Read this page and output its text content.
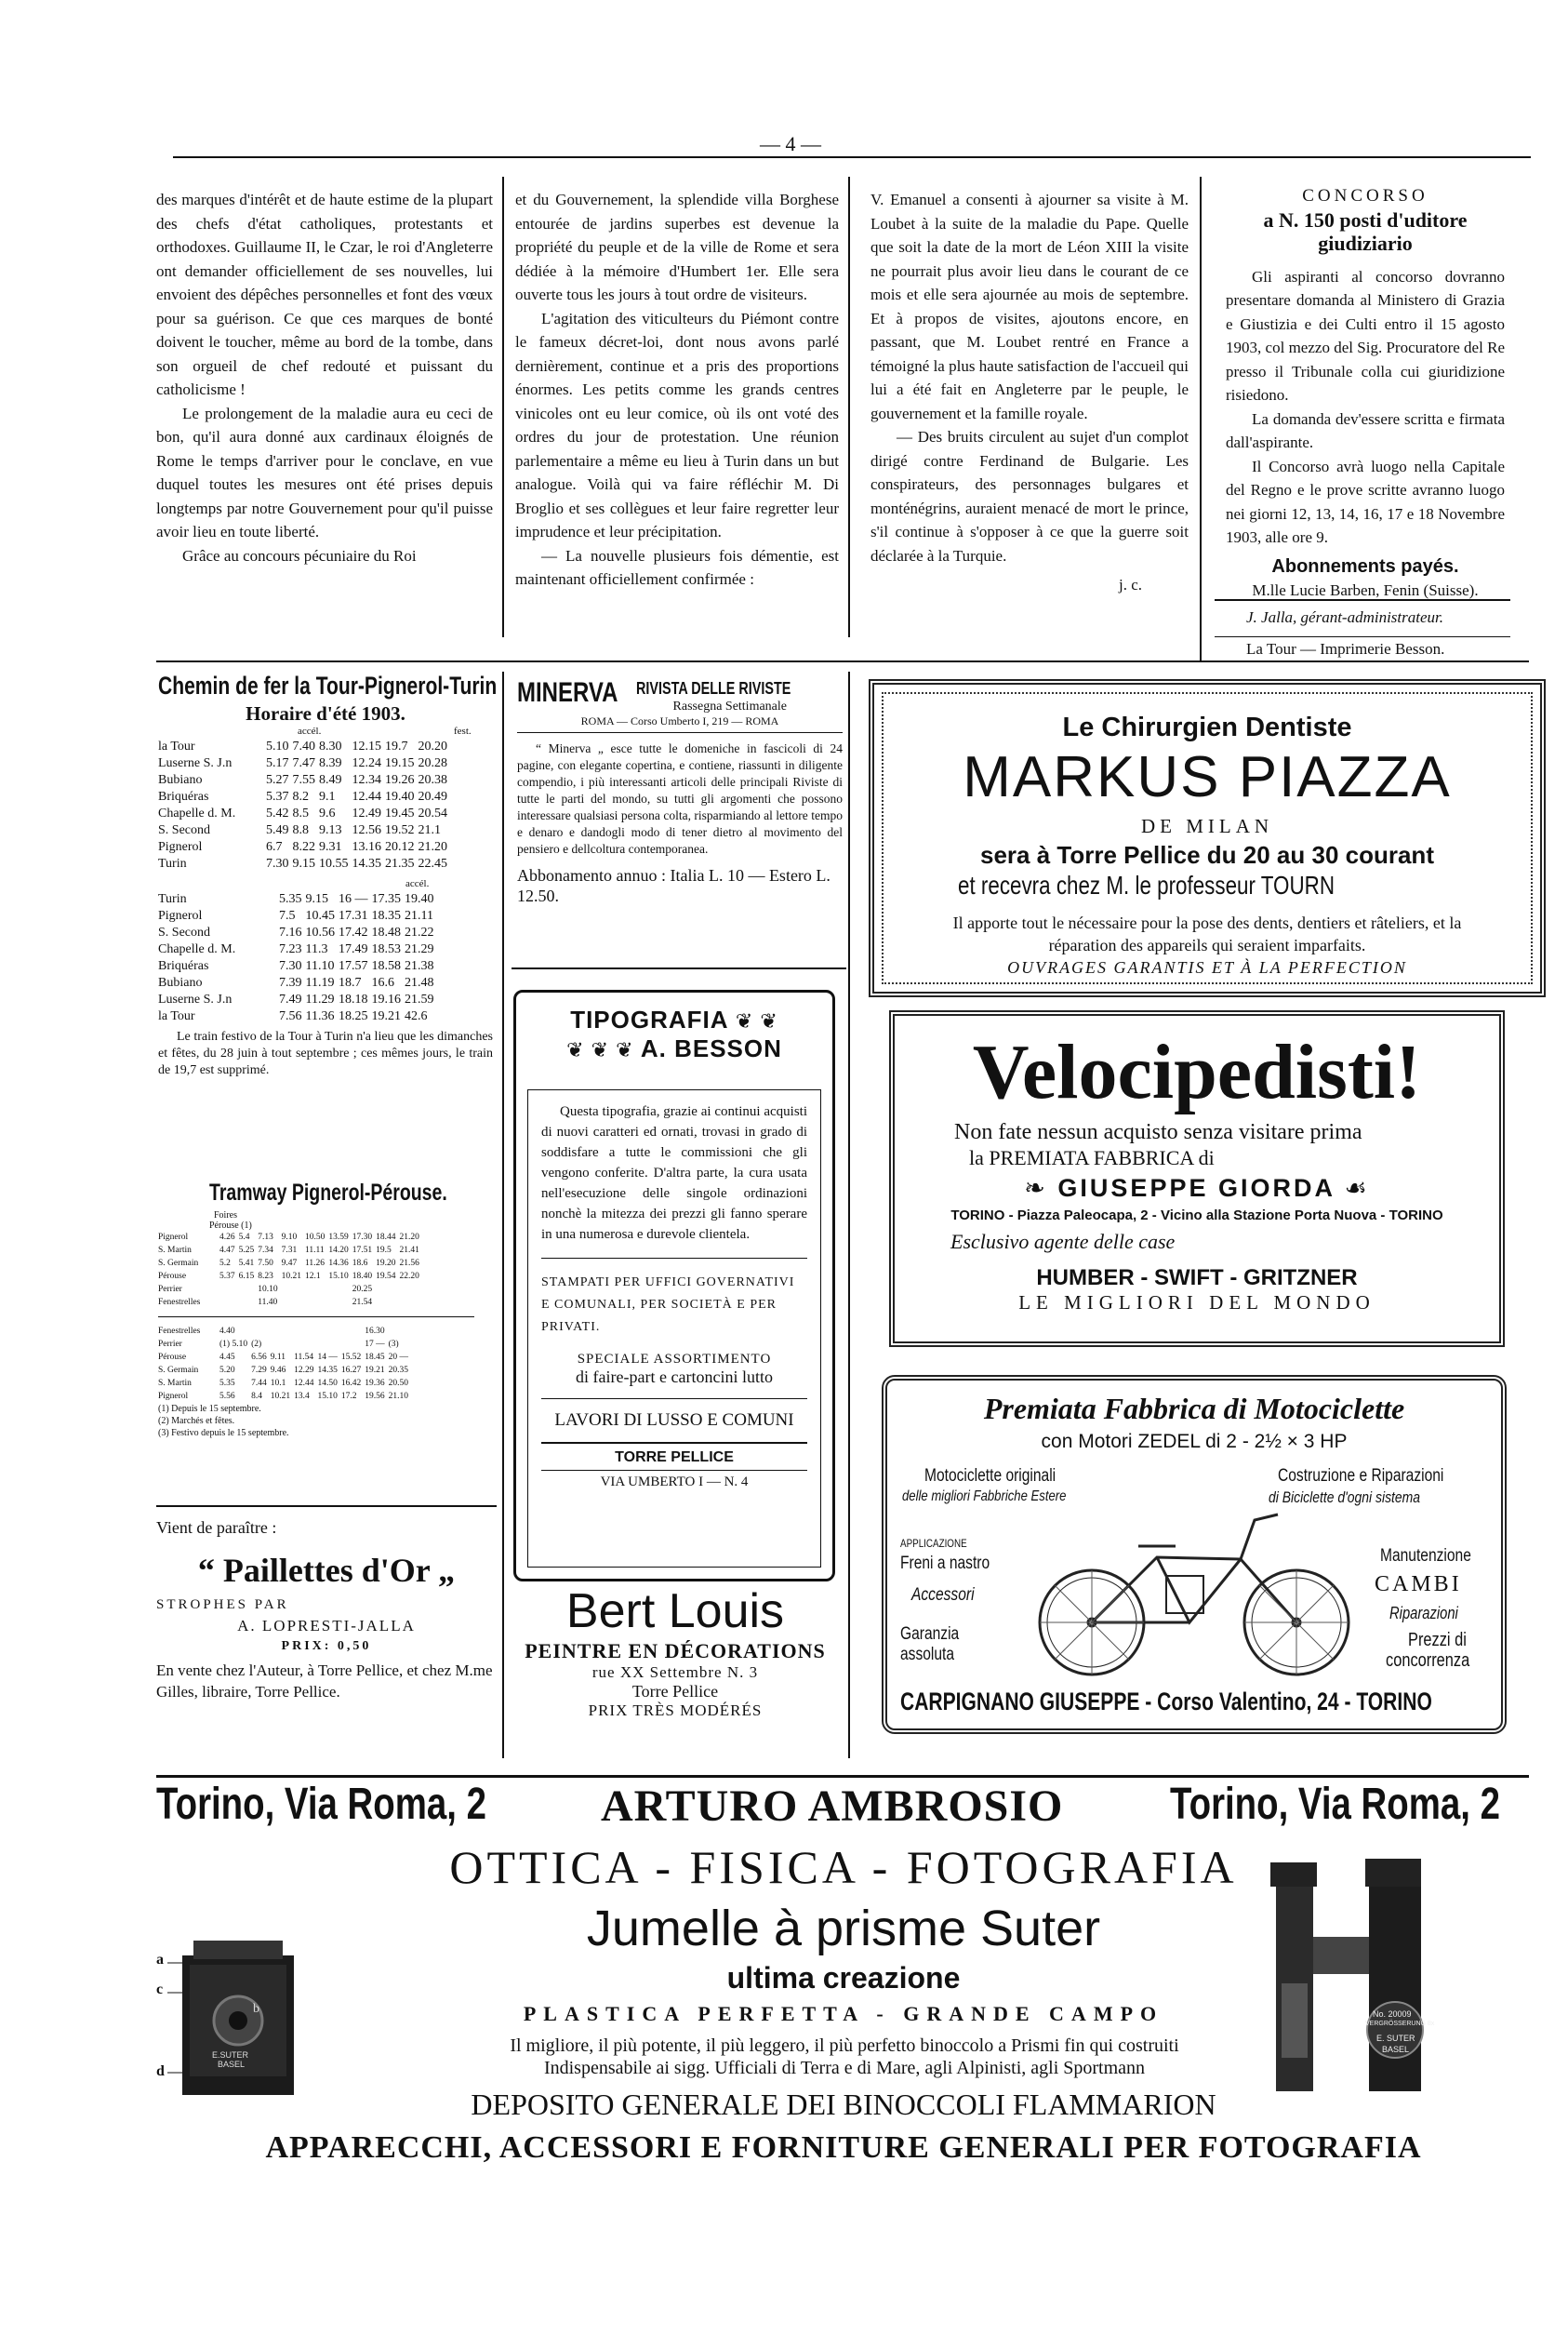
— 4 —

des marques d'intérêt et de haute estime de la plupart des chefs d'état catholiques, protestants et orthodoxes. Guillaume II, le Czar, le roi d'Angleterre ont demander officiellement de ses nouvelles, lui envoient des dépêches personnelles et font des vœux pour sa guérison. Ce que ces marques de bonté doivent le toucher, même au bord de la tombe, dans son orgueil de chef redouté et puissant du catholicisme !

Le prolongement de la maladie aura eu ceci de bon, qu'il aura donné aux cardinaux éloignés de Rome le temps d'arriver pour le conclave, en vue duquel toutes les mesures ont été prises depuis longtemps par notre Gouvernement pour qu'il puisse avoir lieu en toute liberté.

Grâce au concours pécuniaire du Roi

et du Gouvernement, la splendide villa Borghese entourée de jardins superbes est devenue la propriété du peuple et de la ville de Rome et sera dédiée à la mémoire d'Humbert 1er. Elle sera ouverte tous les jours à tout ordre de visiteurs.

L'agitation des viticulteurs du Piémont contre le fameux décret-loi, dont nous avons parlé dernièrement, continue et a pris des proportions énormes. Les petits comme les grands centres vinicoles ont eu leur comice, où ils ont voté des ordres du jour de protestation. Une réunion parlementaire a même eu lieu à Turin dans un but analogue. Voilà qui va faire réfléchir M. Di Broglio et ses collègues et leur faire regretter leur imprudence et leur précipitation.

— La nouvelle plusieurs fois démentie, est maintenant officiellement confirmée :

V. Emanuel a consenti à ajourner sa visite à M. Loubet à la suite de la maladie du Pape. Quelle que soit la date de la mort de Léon XIII la visite ne pourrait plus avoir lieu dans le courant de ce mois et elle sera ajournée au mois de septembre. Et à propos de visites, ajoutons encore, en passant, que M. Loubet rentré en France a témoigné la plus haute satisfaction de l'accueil qui lui a été fait en Angleterre par le peuple, le gouvernement et la famille royale.

— Des bruits circulent au sujet d'un complot dirigé contre Ferdinand de Bulgarie. Les conspirateurs, des personnages bulgares et monténégrins, auraient menacé de mort le prince, s'il continue à s'opposer à ce que la guerre soit déclarée à la Turquie.

j. c.
CONCORSO
a N. 150 posti d'uditore giudiziario

Gli aspiranti al concorso dovranno presentare domanda al Ministero di Grazia e Giustizia e dei Culti entro il 15 agosto 1903, col mezzo del Sig. Procuratore del Re presso il Tribunale colla cui giuridizione risiedono.

La domanda dev'essere scritta e firmata dall'aspirante.

Il Concorso avrà luogo nella Capitale del Regno e le prove scritte avranno luogo nei giorni 12, 13, 14, 16, 17 e 18 Novembre 1903, alle ore 9.

Abonnements payés.
M.lle Lucie Barben, Fenin (Suisse).
J. Jalla, gérant-administrateur.
La Tour — Imprimerie Besson.
Chemin de fer la Tour-Pignerol-Turin
Horaire d'été 1903.
accél.	fest.
la Tour	5.10	7.40	8.30	12.15	19.7	20.20
Luserne S. J.n	5.17	7.47	8.39	12.24	19.15	20.28
Bubiano	5.27	7.55	8.49	12.34	19.26	20.38
Briquéras	5.37	8.2	9.1	12.44	19.40	20.49
Chapelle d. M.	5.42	8.5	9.6	12.49	19.45	20.54
S. Second	5.49	8.8	9.13	12.56	19.52	21.1
Pignerol	6.7	8.22	9.31	13.16	20.12	21.20
Turin	7.30	9.15	10.55	14.35	21.35	22.45
accél.
Turin	5.35	9.15	16 —	17.35	19.40
Pignerol	7.5	10.45	17.31	18.35	21.11
S. Second	7.16	10.56	17.42	18.48	21.22
Chapelle d. M.	7.23	11.3	17.49	18.53	21.29
Briquéras	7.30	11.10	17.57	18.58	21.38
Bubiano	7.39	11.19	18.7	16.6	21.48
Luserne S. J.n	7.49	11.29	18.18	19.16	21.59
la Tour	7.56	11.36	18.25	19.21	42.6
Le train festivo de la Tour à Turin n'a lieu que les dimanches et fêtes, du 28 juin à tout septembre ; ces mêmes jours, le train de 19,7 est supprimé.
Tramway Pignerol-Pérouse.
Foires
Pérouse (1)
Pignerol	4.26	5.4	7.13	9.10	10.50	13.59	17.30	18.44	21.20
S. Martin	4.47	5.25	7.34	7.31	11.11	14.20	17.51	19.5	21.41
S. Germain	5.2	5.41	7.50	9.47	11.26	14.36	18.6	19.20	21.56
Pérouse	5.37	6.15	8.23	10.21	12.1	15.10	18.40	19.54	22.20
Perrier			10.10				20.25		
Fenestrelles			11.40				21.54		
Fenestrelles	4.40						16.30		
Perrier	(1) 5.10	(2)					17 —	(3)	
Pérouse	4.45	6.56	9.11	11.54	14 —	15.52	18.45	20 —	
S. Germain	5.20	7.29	9.46	12.29	14.35	16.27	19.21	20.35	
S. Martin	5.35	7.44	10.1	12.44	14.50	16.42	19.36	20.50	
Pignerol	5.56	8.4	10.21	13.4	15.10	17.2	19.56	21.10	
(1) Depuis le 15 septembre.
(2) Marchés et fêtes.
(3) Festivo depuis le 15 septembre.
Vient de paraître :
“ Paillettes d'Or „
STROPHES PAR
A. LOPRESTI-JALLA
PRIX: 0,50
En vente chez l'Auteur, à Torre Pellice, et chez M.me Gilles, libraire, Torre Pellice.
MINERVA RIVISTA DELLE RIVISTE
Rassegna Settimanale
ROMA — Corso Umberto I, 219 — ROMA
“ Minerva „ esce tutte le domeniche in fascicoli di 24 pagine, con elegante copertina, e contiene, riassunti in diligente compendio, i più interessanti articoli delle principali Riviste di tutte le parti del mondo, su tutti gli argomenti che possono interessare qualsiasi persona colta, risparmiando al lettore tempo e denaro e dandogli modo di tener dietro al movimento del pensiero e dellcoltura contemporanea.
Abbonamento annuo : Italia L. 10 — Estero L. 12.50.
TIPOGRAFIA ❦ ❦
❦ ❦ ❦ A. BESSON
Questa tipografia, grazie ai continui acquisti di nuovi caratteri ed ornati, trovasi in grado di soddisfare a tutte le commissioni che gli vengono conferite. D'altra parte, la cura usata nell'esecuzione delle singole ordinazioni nonchè la mitezza dei prezzi gli fanno sperare in una numerosa e durevole clientela.
STAMPATI PER UFFICI GOVERNATIVI E COMUNALI, PER SOCIETÀ E PER PRIVATI.
SPECIALE ASSORTIMENTO
di faire-part e cartoncini lutto
LAVORI DI LUSSO E COMUNI
TORRE PELLICE
VIA UMBERTO I — N. 4
Bert Louis
PEINTRE EN DÉCORATIONS
rue XX Settembre N. 3
Torre Pellice
PRIX TRÈS MODÉRÉS
Le Chirurgien Dentiste
MARKUS PIAZZA
DE MILAN
sera à Torre Pellice du 20 au 30 courant
et recevra chez M. le professeur TOURN
Il apporte tout le nécessaire pour la pose des dents, dentiers et râteliers, et la réparation des appareils qui seraient imparfaits.
OUVRAGES GARANTIS ET À LA PERFECTION
Velocipedisti!
Non fate nessun acquisto senza visitare prima
la PREMIATA FABBRICA di
❧ GIUSEPPE GIORDA ☙
TORINO - Piazza Paleocapa, 2 - Vicino alla Stazione Porta Nuova - TORINO
Esclusivo agente delle case
HUMBER - SWIFT - GRITZNER
LE MIGLIORI DEL MONDO
Premiata Fabbrica di Motociclette
con Motori ZEDEL di 2 - 2½ × 3 HP
Motociclette originali
delle migliori Fabbriche Estere
Costruzione e Riparazioni
di Biciclette d'ogni sistema
APPLICAZIONE
Freni a nastro
Accessori
Garanzia
assoluta
Manutenzione
CAMBI
Riparazioni
Prezzi di
concorrenza
CARPIGNANO GIUSEPPE - Corso Valentino, 24 - TORINO
Torino, Via Roma, 2	ARTURO AMBROSIO Torino, Via Roma, 2
OTTICA - FISICA - FOTOGRAFIA
Jumelle à prisme Suter
ultima creazione
PLASTICA PERFETTA - GRANDE CAMPO
Il migliore, il più potente, il più leggero, il più perfetto binoccolo a Prismi fin qui costruiti
Indispensabile ai sigg. Ufficiali di Terra e di Mare, agli Alpinisti, agli Sportmann
DEPOSITO GENERALE DEI BINOCCOLI FLAMMARION
APPARECCHI, ACCESSORI E FORNITURE GENERALI PER FOTOGRAFIA
a
c
b
d
E.SUTER
BASEL
No. 20009
VERGRÖSSERUNG 8x
E. SUTER
BASEL
